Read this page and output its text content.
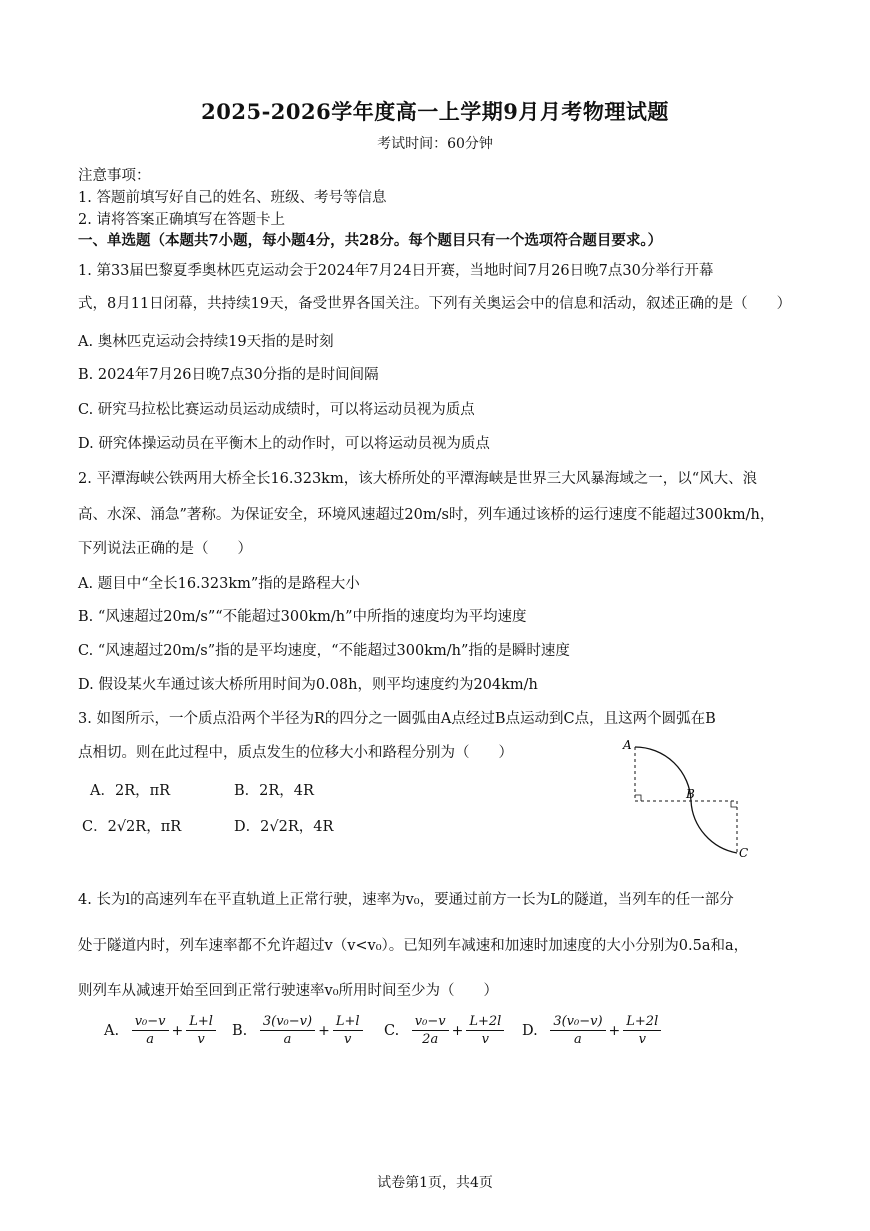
2025-2026学年度高一上学期9月月考物理试题
考试时间：60分钟
注意事项：
1. 答题前填写好自己的姓名、班级、考号等信息
2. 请将答案正确填写在答题卡上
一、单选题（本题共7小题，每小题4分，共28分。每个题目只有一个选项符合题目要求。）
1. 第33届巴黎夏季奥林匹克运动会于2024年7月24日开赛，当地时间7月26日晚7点30分举行开幕
式，8月11日闭幕，共持续19天，备受世界各国关注。下列有关奥运会中的信息和活动，叙述正确的是（　　）
A. 奥林匹克运动会持续19天指的是时刻
B. 2024年7月26日晚7点30分指的是时间间隔
C. 研究马拉松比赛运动员运动成绩时，可以将运动员视为质点
D. 研究体操运动员在平衡木上的动作时，可以将运动员视为质点
2. 平潭海峡公铁两用大桥全长16.323km，该大桥所处的平潭海峡是世界三大风暴海域之一，以“风大、浪
高、水深、涌急”著称。为保证安全，环境风速超过20m/s时，列车通过该桥的运行速度不能超过300km/h，
下列说法正确的是（　　）
A. 题目中“全长16.323km”指的是路程大小
B. “风速超过20m/s”“不能超过300km/h”中所指的速度均为平均速度
C. “风速超过20m/s”指的是平均速度，“不能超过300km/h”指的是瞬时速度
D. 假设某火车通过该大桥所用时间为0.08h，则平均速度约为204km/h
3. 如图所示，一个质点沿两个半径为R的四分之一圆弧由A点经过B点运动到C点，且这两个圆弧在B
点相切。则在此过程中，质点发生的位移大小和路程分别为（　　）
A．2R，πR	B．2R，4R
C．2√2R，πR	D．2√2R，4R
A
B
C
4. 长为l的高速列车在平直轨道上正常行驶，速率为v₀，要通过前方一长为L的隧道，当列车的任一部分
处于隧道内时，列车速率都不允许超过v（v<v₀）。已知列车减速和加速时加速度的大小分别为0.5a和a，
则列车从减速开始至回到正常行驶速率v₀所用时间至少为（　　）
A. $\frac{\text{v₀−v}}{a} + \frac{L+l}{v} B$. $\frac{\text{3(v₀−v)}}{a} + \frac{L+l}{v} C$. $\frac{\text{v₀−v}}{2a} + \frac{L+2l}{v} D$. $\frac{\text{3(v₀−v)}}{a} + \frac{L+2l}{v}$
试卷第1页，共4页
